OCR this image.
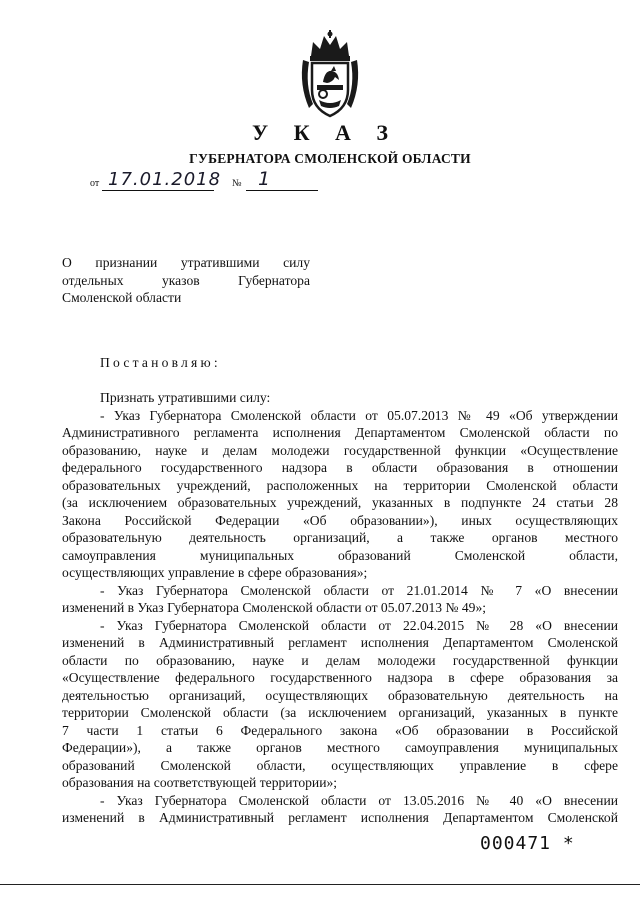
У К А З
ГУБЕРНАТОРА СМОЛЕНСКОЙ ОБЛАСТИ
от 17.01.2018 № 1
О признании утратившими силу
отдельных указов Губернатора
Смоленской области
Постановляю:
Признать утратившими силу:
- Указ Губернатора Смоленской области от 05.07.2013 № 49 «Об утверждении
Административного регламента исполнения Департаментом Смоленской области по
образованию, науке и делам молодежи государственной функции «Осуществление
федерального государственного надзора в области образования в отношении
образовательных учреждений, расположенных на территории Смоленской области
(за исключением образовательных учреждений, указанных в подпункте 24 статьи 28
Закона Российской Федерации «Об образовании»), иных осуществляющих
образовательную деятельность организаций, а также органов местного
самоуправления муниципальных образований Смоленской области,
осуществляющих управление в сфере образования»;
- Указ Губернатора Смоленской области от 21.01.2014 № 7 «О внесении
изменений в Указ Губернатора Смоленской области от 05.07.2013 № 49»;
- Указ Губернатора Смоленской области от 22.04.2015 № 28 «О внесении
изменений в Административный регламент исполнения Департаментом Смоленской
области по образованию, науке и делам молодежи государственной функции
«Осуществление федерального государственного надзора в сфере образования за
деятельностью организаций, осуществляющих образовательную деятельность на
территории Смоленской области (за исключением организаций, указанных в пункте
7 части 1 статьи 6 Федерального закона «Об образовании в Российской
Федерации»), а также органов местного самоуправления муниципальных
образований Смоленской области, осуществляющих управление в сфере
образования на соответствующей территории»;
- Указ Губернатора Смоленской области от 13.05.2016 № 40 «О внесении
изменений в Административный регламент исполнения Департаментом Смоленской
000471 *
